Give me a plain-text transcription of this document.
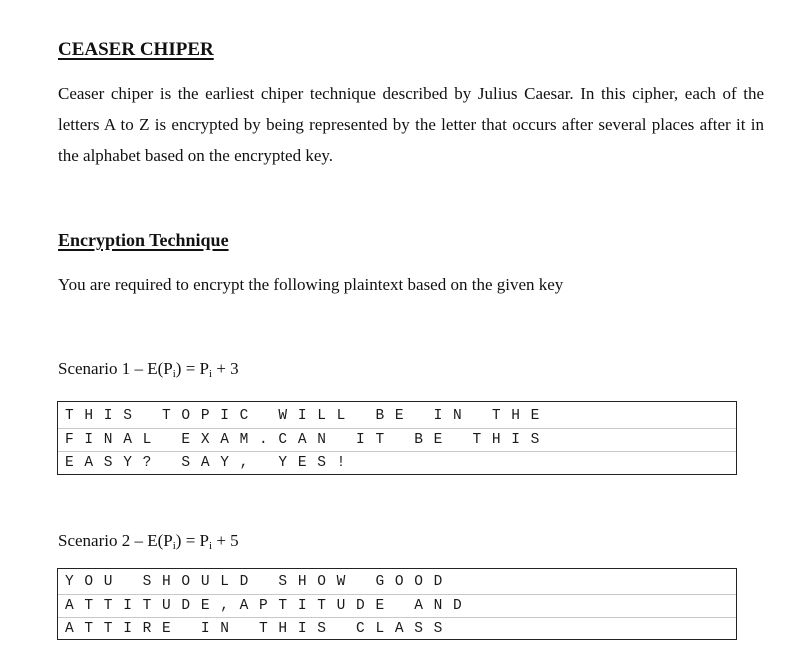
CEASER CHIPER

Ceaser chiper is the earliest chiper technique described by Julius Caesar. In this cipher, each of the letters A to Z is encrypted by being represented by the letter that occurs after several places after it in the alphabet based on the encrypted key.

Encryption Technique

You are required to encrypt the following plaintext based on the given key

Scenario $1 - E(P_i) = P_i + 3$
T H I S   T O P I C   W I L L   B E   I N   T H E
F I N A L   E X A M . C A N   I T   B E   T H I S
E A S Y ?   S A Y ,   Y E S !
Scenario $2 - E(P_i) = P_i + 5$
Y O U   S H O U L D   S H O W   G O O D
A T T I T U D E , A P T I T U D E   A N D
A T T I R E   I N   T H I S   C L A S S
